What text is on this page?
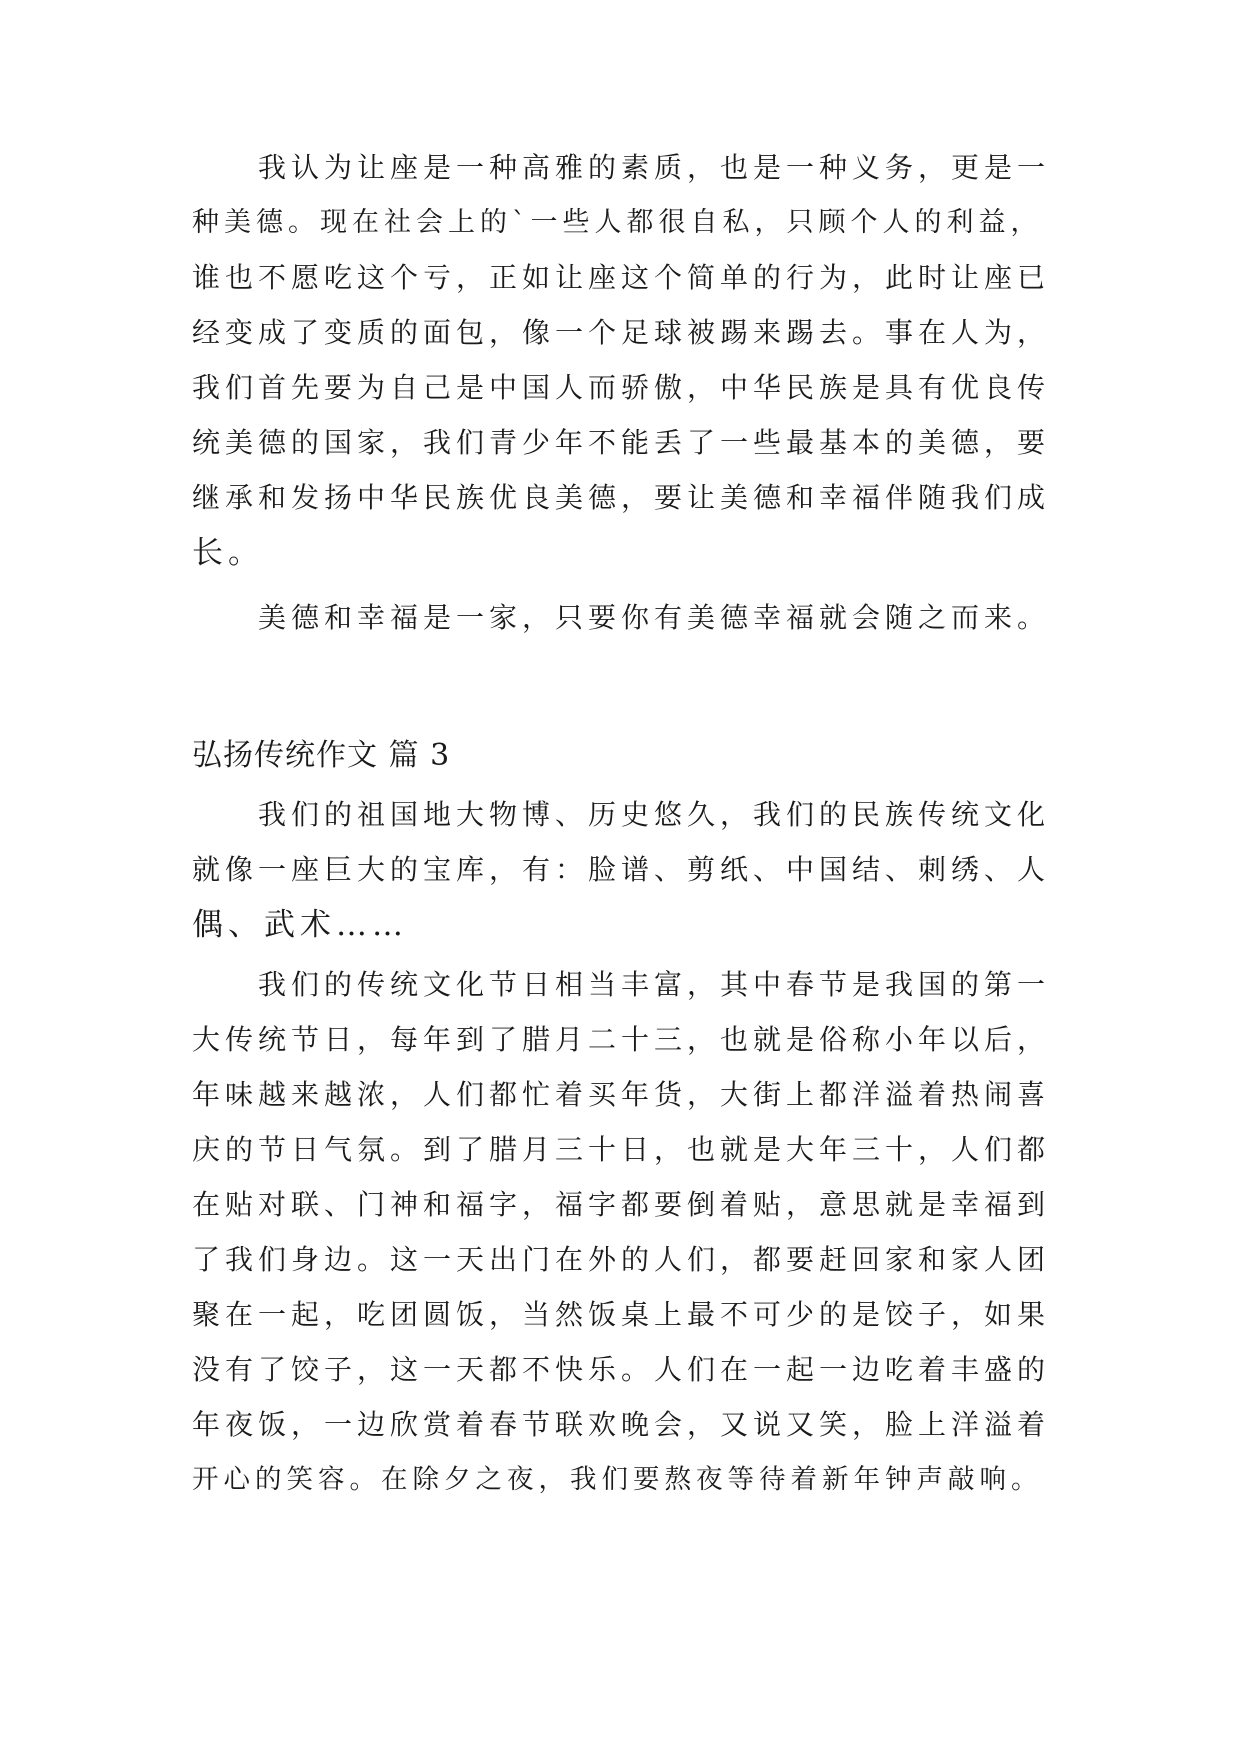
我认为让座是一种高雅的素质，也是一种义务，更是一
种美德。现在社会上的`一些人都很自私，只顾个人的利益，
谁也不愿吃这个亏，正如让座这个简单的行为，此时让座已
经变成了变质的面包，像一个足球被踢来踢去。事在人为，
我们首先要为自己是中国人而骄傲，中华民族是具有优良传
统美德的国家，我们青少年不能丢了一些最基本的美德，要
继承和发扬中华民族优良美德，要让美德和幸福伴随我们成
长。
美德和幸福是一家，只要你有美德幸福就会随之而来。
弘扬传统作文 篇 3
我们的祖国地大物博、历史悠久，我们的民族传统文化
就像一座巨大的宝库，有：脸谱、剪纸、中国结、刺绣、人
偶、武术……
我们的传统文化节日相当丰富，其中春节是我国的第一
大传统节日，每年到了腊月二十三，也就是俗称小年以后，
年味越来越浓，人们都忙着买年货，大街上都洋溢着热闹喜
庆的节日气氛。到了腊月三十日，也就是大年三十，人们都
在贴对联、门神和福字，福字都要倒着贴，意思就是幸福到
了我们身边。这一天出门在外的人们，都要赶回家和家人团
聚在一起，吃团圆饭，当然饭桌上最不可少的是饺子，如果
没有了饺子，这一天都不快乐。人们在一起一边吃着丰盛的
年夜饭，一边欣赏着春节联欢晚会，又说又笑，脸上洋溢着
开心的笑容。在除夕之夜，我们要熬夜等待着新年钟声敲响。
